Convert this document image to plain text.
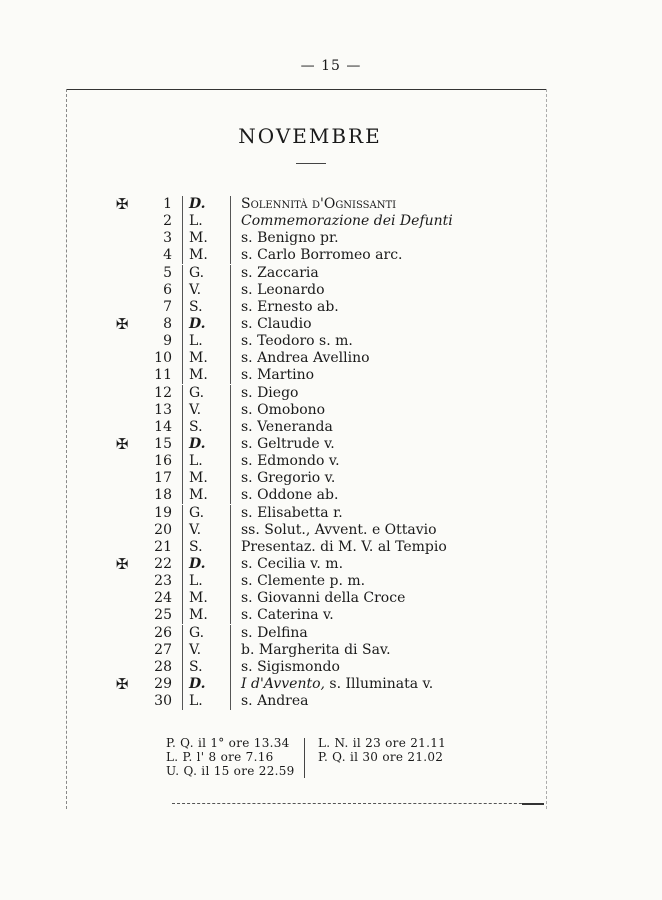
— 15 —
NOVEMBRE
✠	1	D.	Solennità d'Ognissanti
2	L.	Commemorazione dei Defunti
3	M.	s. Benigno pr.
4	M.	s. Carlo Borromeo arc.
5	G.	s. Zaccaria
6	V.	s. Leonardo
7	S.	s. Ernesto ab.
✠	8	D.	s. Claudio
9	L.	s. Teodoro s. m.
10	M.	s. Andrea Avellino
11	M.	s. Martino
12	G.	s. Diego
13	V.	s. Omobono
14	S.	s. Veneranda
✠	15	D.	s. Geltrude v.
16	L.	s. Edmondo v.
17	M.	s. Gregorio v.
18	M.	s. Oddone ab.
19	G.	s. Elisabetta r.
20	V.	ss. Solut., Avvent. e Ottavio
21	S.	Presentaz. di M. V. al Tempio
✠	22	D.	s. Cecilia v. m.
23	L.	s. Clemente p. m.
24	M.	s. Giovanni della Croce
25	M.	s. Caterina v.
26	G.	s. Delfina
27	V.	b. Margherita di Sav.
28	S.	s. Sigismondo
✠	29	D.	I d'Avvento, s. Illuminata v.
30	L.	s. Andrea
P. Q. il 1° ore 13.34
L. P. l' 8 ore 7.16
U. Q. il 15 ore 22.59
L. N. il 23 ore 21.11
P. Q. il 30 ore 21.02
